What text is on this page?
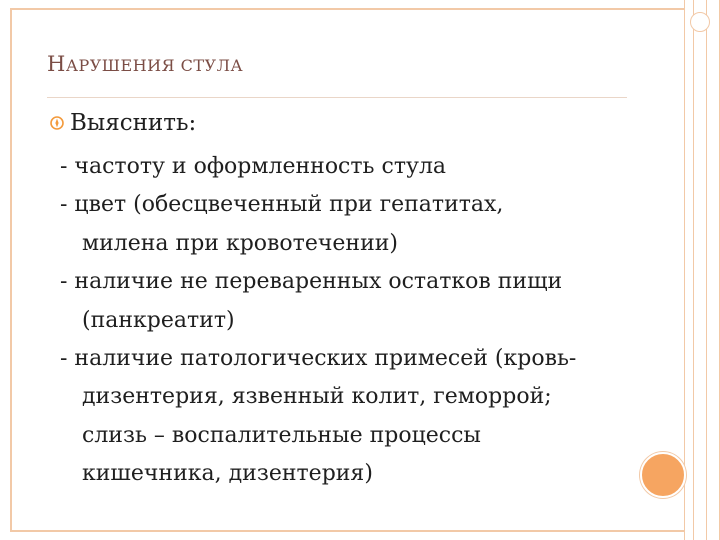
НАРУШЕНИЯ СТУЛА
Выяснить:
- частоту и оформленность стула
- цвет (обесцвеченный при гепатитах,
милена при кровотечении)
- наличие не переваренных остатков пищи
(панкреатит)
- наличие патологических примесей (кровь-
дизентерия, язвенный колит, геморрой;
слизь – воспалительные процессы
кишечника, дизентерия)
